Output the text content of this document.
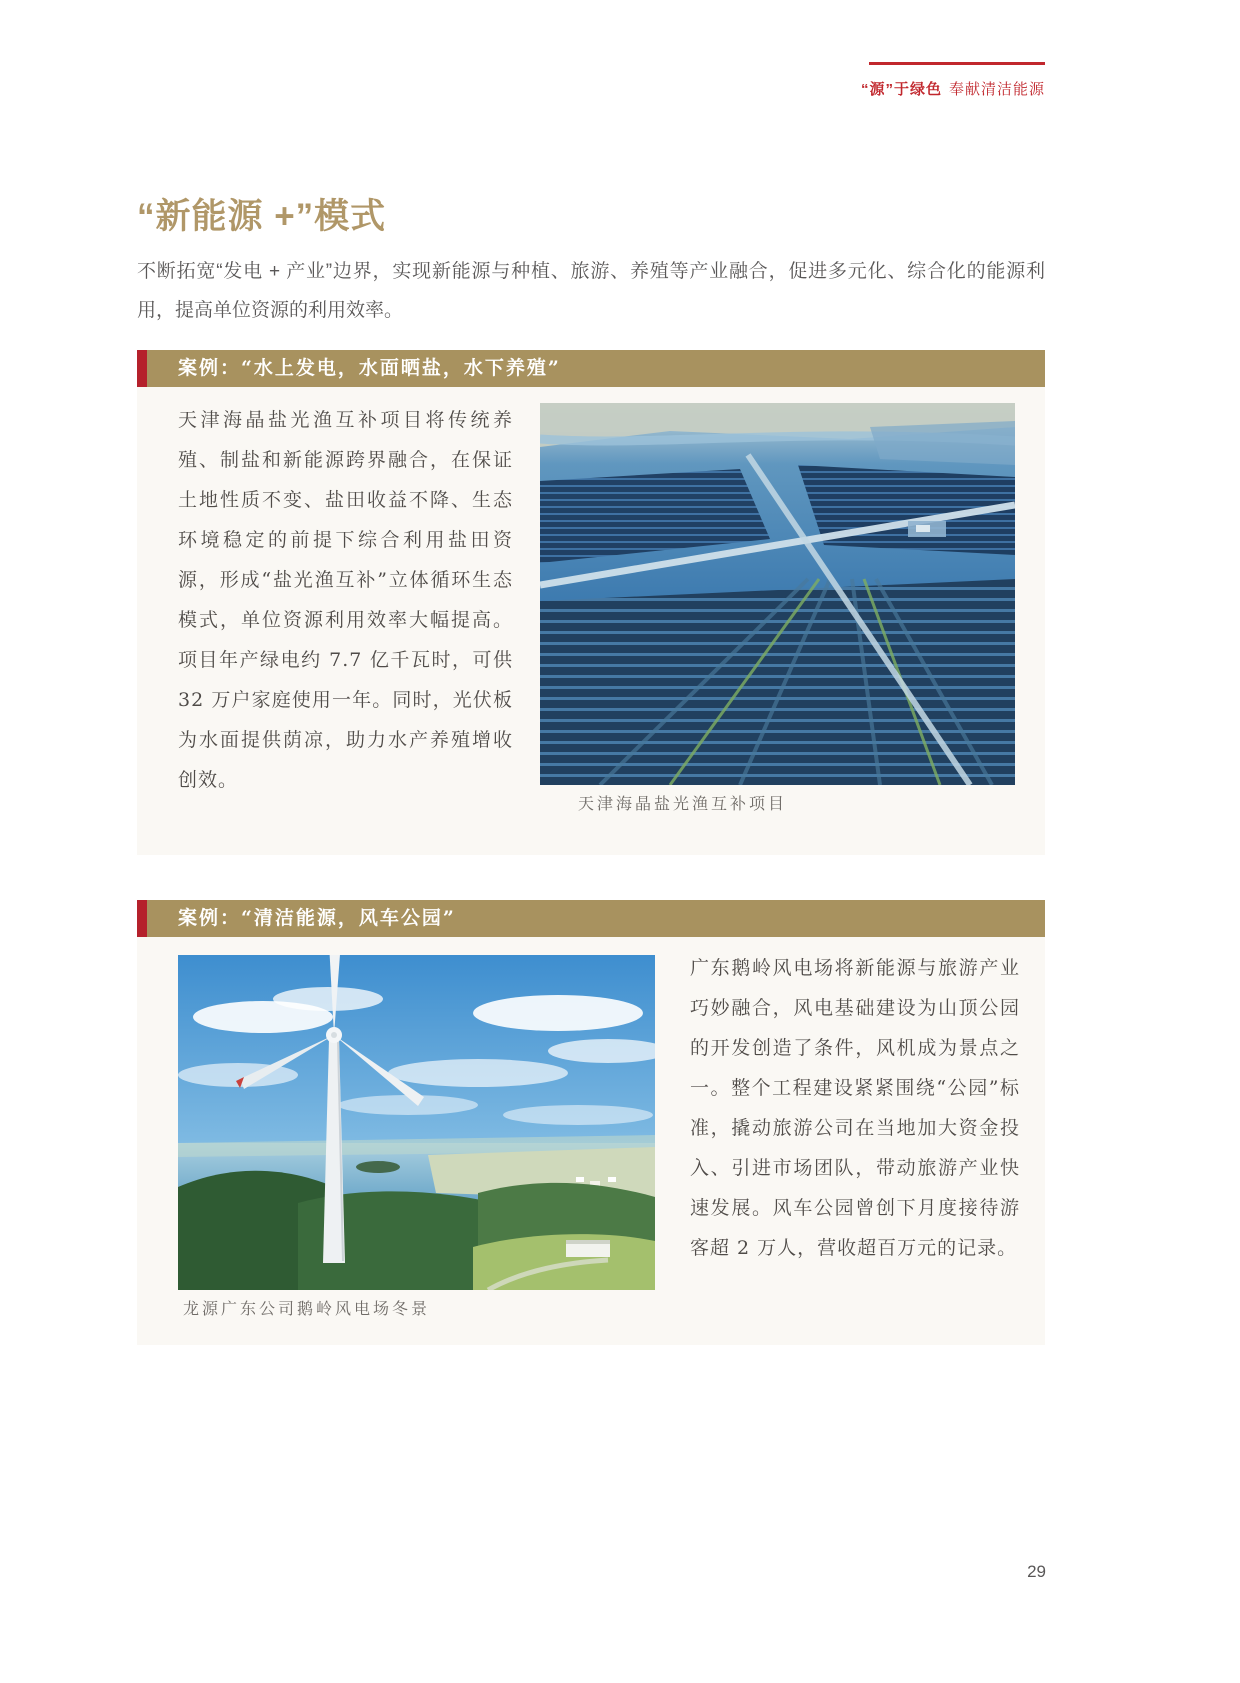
“源”于绿色 奉献清洁能源
“新能源 +”模式

不断拓宽“发电 + 产业”边界，实现新能源与种植、旅游、养殖等产业融合，促进多元化、综合化的能源利用，提高单位资源的利用效率。

案例：“水上发电，水面晒盐，水下养殖”

天津海晶盐光渔互补项目将传统养殖、制盐和新能源跨界融合，在保证土地性质不变、盐田收益不降、生态环境稳定的前提下综合利用盐田资源，形成“盐光渔互补”立体循环生态模式，单位资源利用效率大幅提高。项目年产绿电约 7.7 亿千瓦时，可供 32 万户家庭使用一年。同时，光伏板为水面提供荫凉，助力水产养殖增收创效。

天津海晶盐光渔互补项目
案例：“清洁能源，风车公园”

广东鹅岭风电场将新能源与旅游产业巧妙融合，风电基础建设为山顶公园的开发创造了条件，风机成为景点之一。整个工程建设紧紧围绕“公园”标准，撬动旅游公司在当地加大资金投入、引进市场团队，带动旅游产业快速发展。风车公园曾创下月度接待游客超 2 万人，营收超百万元的记录。

龙源广东公司鹅岭风电场冬景
29
